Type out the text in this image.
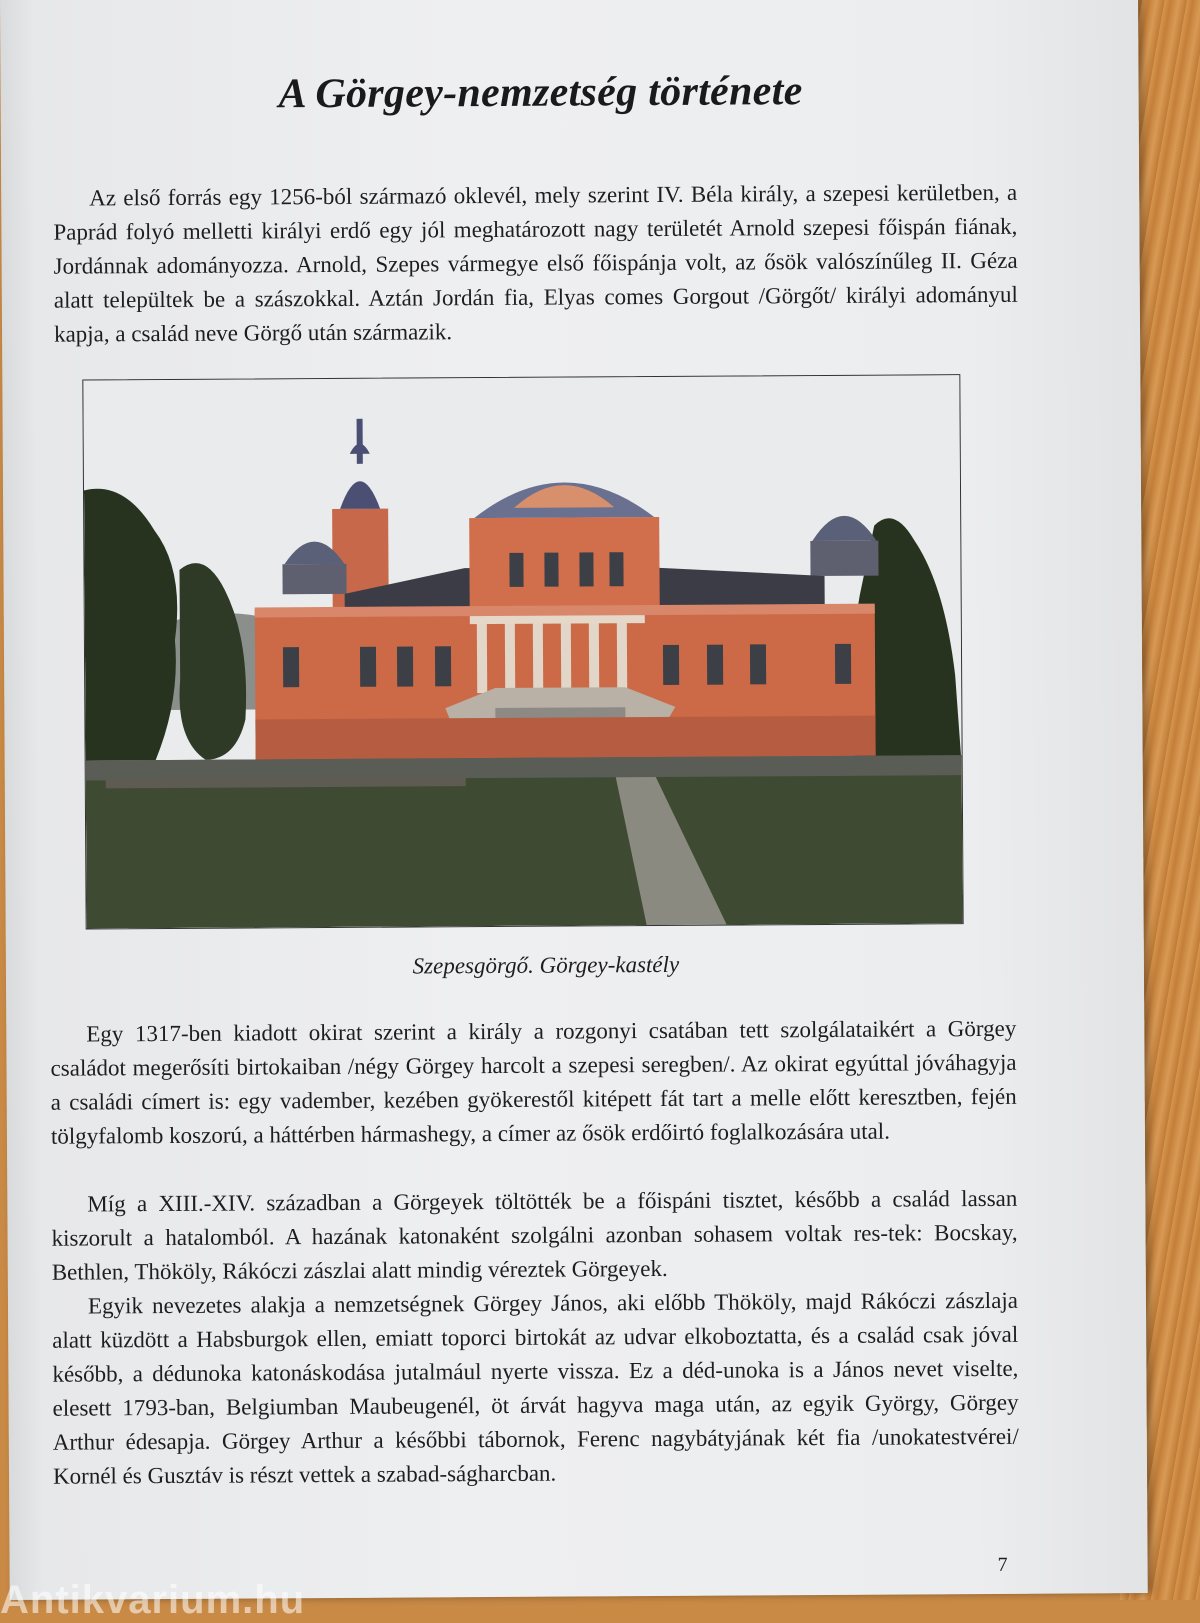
A Görgey-nemzetség története

Az első forrás egy 1256-ból származó oklevél, mely szerint IV. Béla király, a szepesi kerületben, a Paprád folyó melletti királyi erdő egy jól meghatározott nagy területét Arnold szepesi főispán fiának, Jordánnak adományozza. Arnold, Szepes vármegye első főispánja volt, az ősök valószínűleg II. Géza alatt települtek be a szászokkal. Aztán Jordán fia, Elyas comes Gorgout /Görgőt/ királyi adományul kapja, a család neve Görgő után származik.

Szepesgörgő. Görgey-kastély

Egy 1317-ben kiadott okirat szerint a király a rozgonyi csatában tett szolgálataikért a Görgey családot megerősíti birtokaiban /négy Görgey harcolt a szepesi seregben/. Az okirat egyúttal jóváhagyja a családi címert is: egy vadember, kezében gyökerestől kitépett fát tart a melle előtt keresztben, fején tölgyfalomb koszorú, a háttérben hármashegy, a címer az ősök erdőirtó foglalkozására utal.

Míg a XIII.-XIV. században a Görgeyek töltötték be a főispáni tisztet, később a család lassan kiszorult a hatalomból. A hazának katonaként szolgálni azonban sohasem voltak res-tek: Bocskay, Bethlen, Thököly, Rákóczi zászlai alatt mindig véreztek Görgeyek.

Egyik nevezetes alakja a nemzetségnek Görgey János, aki előbb Thököly, majd Rákóczi zászlaja alatt küzdött a Habsburgok ellen, emiatt toporci birtokát az udvar elkoboztatta, és a család csak jóval később, a dédunoka katonáskodása jutalmául nyerte vissza. Ez a déd-unoka is a János nevet viselte, elesett 1793-ban, Belgiumban Maubeugenél, öt árvát hagyva maga után, az egyik György, Görgey Arthur édesapja. Görgey Arthur a későbbi tábornok, Ferenc nagybátyjának két fia /unokatestvérei/ Kornél és Gusztáv is részt vettek a szabad-ságharcban.

7
Antikvarium.hu
